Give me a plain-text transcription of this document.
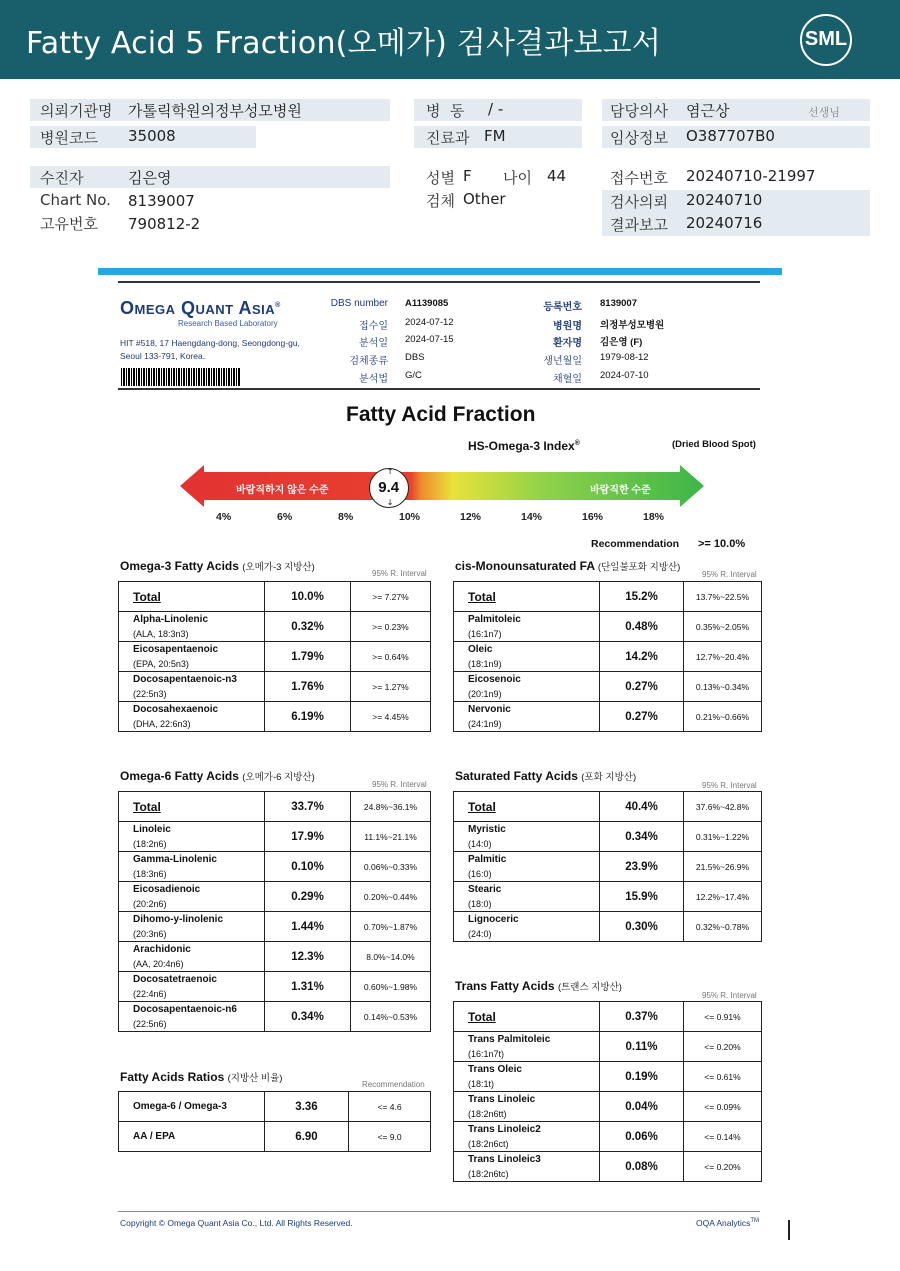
Fatty Acid 5 Fraction(오메가) 검사결과보고서	SML
의뢰기관명 가톨릭학원의정부성모병원
병원코드 35008
병  동 / -
진료과 FM
담당의사 염근상	선생님
임상정보 O387707B0
수진자	김은영
Chart No. 8139007
고유번호 790812-2
성별 F 나이 44
검체 Other
접수번호 20240710-21997
검사의뢰 20240710
결과보고 20240716
Omega Quant Asia®
Research Based Laboratory
HIT #518, 17 Haengdang-dong, Seongdong-gu, Seoul 133-791, Korea.
DBS number A1139085
접수일 2024-07-12
분석일 2024-07-15
검체종류 DBS
분석법 G/C
등록번호 8139007
병원명 의정부성모병원
환자명 김은영 (F)
생년월일 1979-08-12
채혈일 2024-07-10
Fatty Acid Fraction
HS-Omega-3 Index®	(Dried Blood Spot)
바람직하지 않은 수준	바람직한 수준
9.4
↑
↓
4%	6%	8%	10%	12%	14%	16%	18%
Recommendation >= 10.0%
Omega-3 Fatty Acids (오메가-3 지방산)
95% R. Interval
cis-Monounsaturated FA (단일불포화 지방산)
95% R. Interval
Omega-6 Fatty Acids (오메가-6 지방산)
95% R. Interval
Saturated Fatty Acids (포화 지방산)
95% R. Interval
Trans Fatty Acids (트랜스 지방산)
95% R. Interval
Fatty Acids Ratios (지방산 비율)
Recommendation
Total	10.0%	>= 7.27%

Alpha-Linolenic
(ALA, 18:3n3)	0.32%	>= 0.23%

Eicosapentaenoic
(EPA, 20:5n3)	1.79%	>= 0.64%

Docosapentaenoic-n3
(22:5n3)	1.76%	>= 1.27%

Docosahexaenoic
(DHA, 22:6n3)	6.19%	>= 4.45%
Total	15.2%	13.7%~22.5%

Palmitoleic
(16:1n7)	0.48%	0.35%~2.05%

Oleic
(18:1n9)	14.2%	12.7%~20.4%

Eicosenoic
(20:1n9)	0.27%	0.13%~0.34%

Nervonic
(24:1n9)	0.27%	0.21%~0.66%
Total	33.7%	24.8%~36.1%

Linoleic
(18:2n6)	17.9%	11.1%~21.1%

Gamma-Linolenic
(18:3n6)	0.10%	0.06%~0.33%

Eicosadienoic
(20:2n6)	0.29%	0.20%~0.44%

Dihomo-y-linolenic
(20:3n6)	1.44%	0.70%~1.87%

Arachidonic
(AA, 20:4n6)	12.3%	8.0%~14.0%

Docosatetraenoic
(22:4n6)	1.31%	0.60%~1.98%

Docosapentaenoic-n6
(22:5n6)	0.34%	0.14%~0.53%
Total	40.4%	37.6%~42.8%

Myristic
(14:0)	0.34%	0.31%~1.22%

Palmitic
(16:0)	23.9%	21.5%~26.9%

Stearic
(18:0)	15.9%	12.2%~17.4%

Lignoceric
(24:0)	0.30%	0.32%~0.78%
Total	0.37%	<= 0.91%

Trans Palmitoleic
(16:1n7t)	0.11%	<= 0.20%

Trans Oleic
(18:1t)	0.19%	<= 0.61%

Trans Linoleic
(18:2n6tt)	0.04%	<= 0.09%

Trans Linoleic2
(18:2n6ct)	0.06%	<= 0.14%

Trans Linoleic3
(18:2n6tc)	0.08%	<= 0.20%
Omega-6 / Omega-3	3.36	<= 4.6

AA / EPA	6.90	<= 9.0
Copyright © Omega Quant Asia Co., Ltd. All Rights Reserved.	OQA Analytics™
